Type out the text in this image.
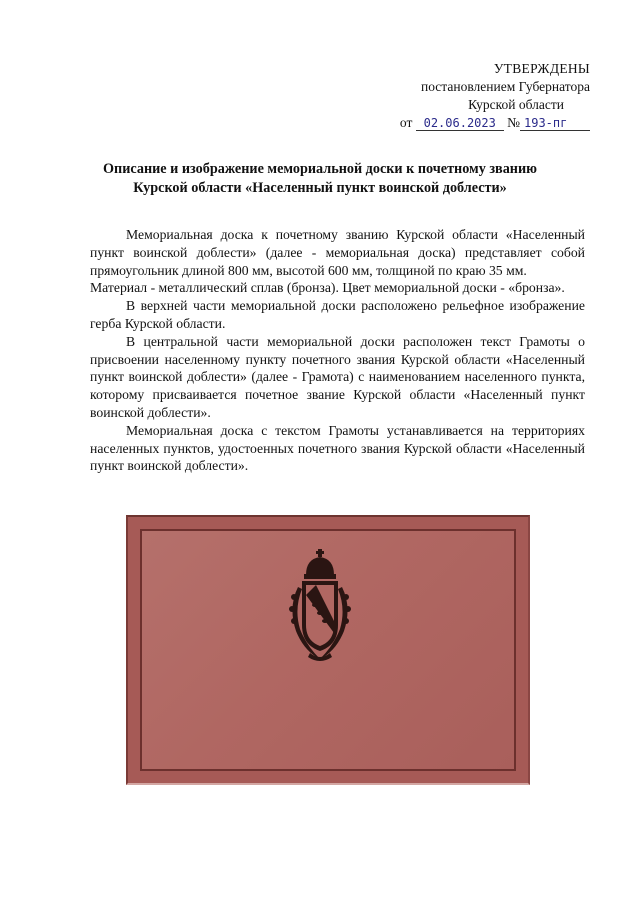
УТВЕРЖДЕНЫ
постановлением Губернатора
Курской области
от 02.06.2023 № 193-пг
Описание и изображение мемориальной доски к почетному званию
Курской области «Населенный пункт воинской доблести»

Мемориальная доска к почетному званию Курской области «Населенный пункт воинской доблести» (далее - мемориальная доска) представляет собой прямоугольник длиной 800 мм, высотой 600 мм, толщиной по краю 35 мм.

Материал - металлический сплав (бронза). Цвет мемориальной доски - «бронза».

В верхней части мемориальной доски расположено рельефное изображение герба Курской области.

В центральной части мемориальной доски расположен текст Грамоты о присвоении населенному пункту почетного звания Курской области «Населенный пункт воинской доблести» (далее - Грамота) с наименованием населенного пункта, которому присваивается почетное звание Курской области «Населенный пункт воинской доблести».

Мемориальная доска с текстом Грамоты устанавливается на территориях населенных пунктов, удостоенных почетного звания Курской области «Населенный пункт воинской доблести».
